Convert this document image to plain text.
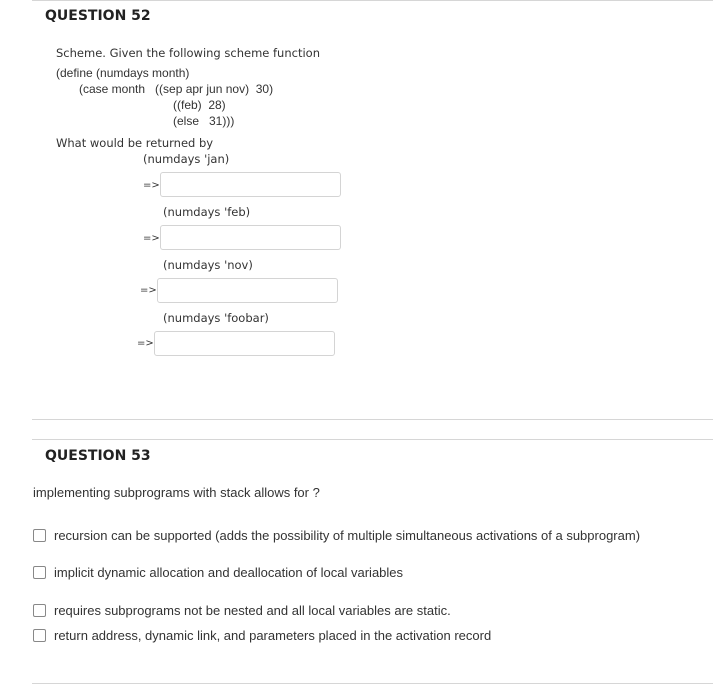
QUESTION 52
Scheme. Given the following scheme function
(define (numdays month)
(case month   ((sep apr jun nov)  30)
((feb)  28)
(else   31)))
What would be returned by
(numdays 'jan)
=>
(numdays 'feb)
=>
(numdays 'nov)
=>
(numdays 'foobar)
=>
QUESTION 53
implementing subprograms with stack allows for ?
recursion can be supported (adds the possibility of multiple simultaneous activations of a subprogram)
implicit dynamic allocation and deallocation of local variables
requires subprograms not be nested and all local variables are static.
return address, dynamic link, and parameters placed in the activation record
